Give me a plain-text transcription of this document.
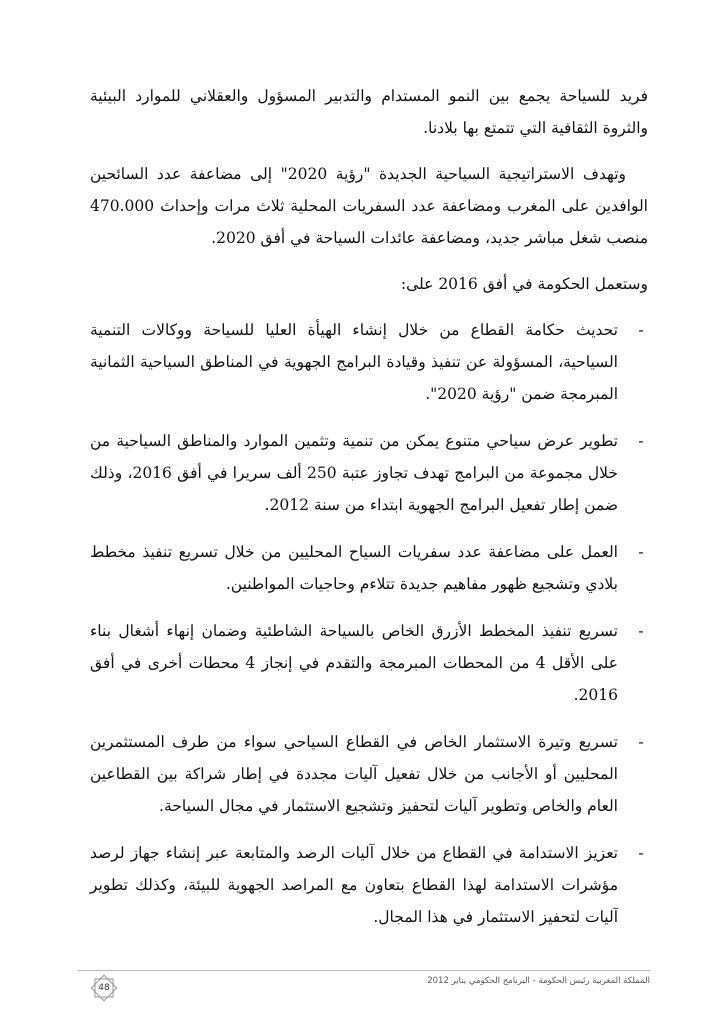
فريد للسياحة يجمع بين النمو المستدام والتدبير المسؤول والعقلاني للموارد البيئية والثروة الثقافية التي تتمتع بها بلادنا.

وتهدف الاستراتيجية السياحية الجديدة "رؤية 2020" إلى مضاعفة عدد السائحين الوافدين على المغرب ومضاعفة عدد السفريات المحلية ثلاث مرات وإحداث 470.000 منصب شغل مباشر جديد، ومضاعفة عائدات السياحة في أفق 2020.

وستعمل الحكومة في أفق 2016 على:

-
تحديث حكامة القطاع من خلال إنشاء الهيأة العليا للسياحة ووكالات التنمية السياحية، المسؤولة عن تنفيذ وقيادة البرامج الجهوية في المناطق السياحية الثمانية المبرمجة ضمن "رؤية 2020".
-
تطوير عرض سياحي متنوع يمكن من تنمية وتثمين الموارد والمناطق السياحية من خلال مجموعة من البرامج تهدف تجاوز عتبة 250 ألف سريرا في أفق 2016، وذلك ضمن إطار تفعيل البرامج الجهوية ابتداء من سنة 2012.
-
العمل على مضاعفة عدد سفريات السياح المحليين من خلال تسريع تنفيذ مخطط بلادي وتشجيع ظهور مفاهيم جديدة تتلاءم وحاجيات المواطنين.
-
تسريع تنفيذ المخطط الأزرق الخاص بالسياحة الشاطئية وضمان إنهاء أشغال بناء على الأقل 4 من المحطات المبرمجة والتقدم في إنجاز 4 محطات أخرى في أفق 2016.
-
تسريع وتيرة الاستثمار الخاص في القطاع السياحي سواء من طرف المستثمرين المحليين أو الأجانب من خلال تفعيل آليات مجددة في إطار شراكة بين القطاعين العام والخاص وتطوير آليات لتحفيز وتشجيع الاستثمار في مجال السياحة.
-
تعزيز الاستدامة في القطاع من خلال آليات الرصد والمتابعة عبر إنشاء جهاز لرصد مؤشرات الاستدامة لهذا القطاع بتعاون مع المراصد الجهوية للبيئة، وكذلك تطوير آليات لتحفيز الاستثمار في هذا المجال.
المملكة المغربية رئيس الحكومة - البرنامج الحكومي يناير 2012
48
